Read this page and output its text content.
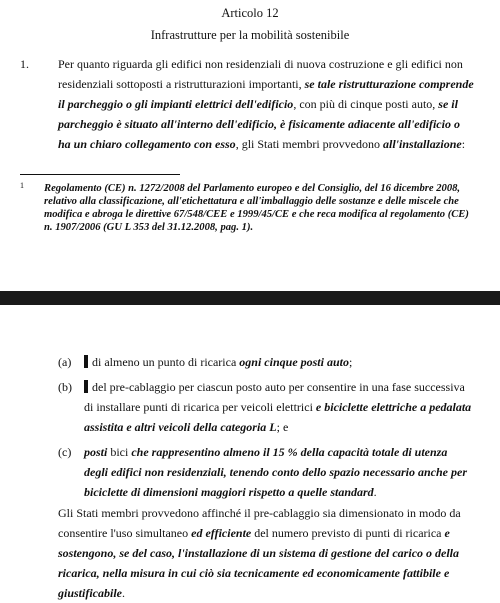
Articolo 12
Infrastrutture per la mobilità sostenibile
1. Per quanto riguarda gli edifici non residenziali di nuova costruzione e gli edifici non residenziali sottoposti a ristrutturazioni importanti, se tale ristrutturazione comprende il parcheggio o gli impianti elettrici dell'edificio, con più di cinque posti auto, se il parcheggio è situato all'interno dell'edificio, è fisicamente adiacente all'edificio o ha un chiaro collegamento con esso, gli Stati membri provvedono all'installazione:
1 Regolamento (CE) n. 1272/2008 del Parlamento europeo e del Consiglio, del 16 dicembre 2008, relativo alla classificazione, all'etichettatura e all'imballaggio delle sostanze e delle miscele che modifica e abroga le direttive 67/548/CEE e 1999/45/CE e che reca modifica al regolamento (CE) n. 1907/2006 (GU L 353 del 31.12.2008, pag. 1).
(a)	di almeno un punto di ricarica ogni cinque posti auto;
(b)	del pre-cablaggio per ciascun posto auto per consentire in una fase successiva di installare punti di ricarica per veicoli elettrici e biciclette elettriche a pedalata assistita e altri veicoli della categoria L; e
(c) posti bici che rappresentino almeno il 15 % della capacità totale di utenza degli edifici non residenziali, tenendo conto dello spazio necessario anche per biciclette di dimensioni maggiori rispetto a quelle standard.
Gli Stati membri provvedono affinché il pre-cablaggio sia dimensionato in modo da consentire l'uso simultaneo ed efficiente del numero previsto di punti di ricarica e sostengono, se del caso, l'installazione di un sistema di gestione del carico o della ricarica, nella misura in cui ciò sia tecnicamente ed economicamente fattibile e giustificabile.
